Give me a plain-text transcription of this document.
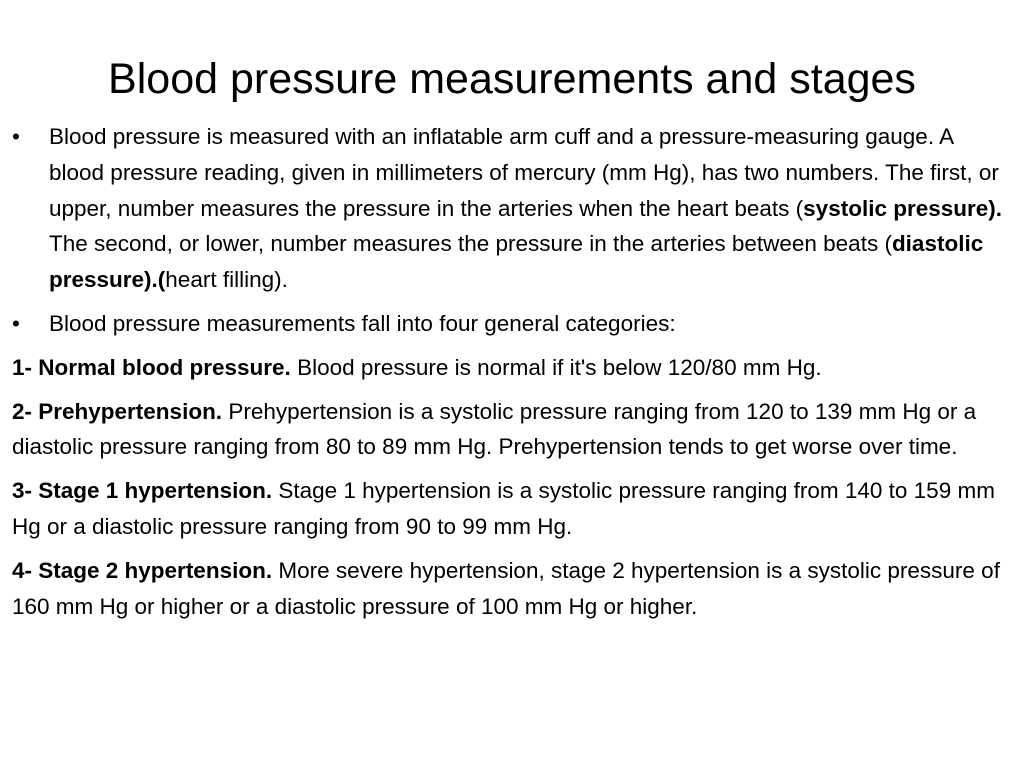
Blood pressure measurements and stages
•	Blood pressure is measured with an inflatable arm cuff and a pressure-measuring gauge. A blood pressure reading, given in millimeters of mercury (mm Hg), has two numbers. The first, or upper, number measures the pressure in the arteries when the heart beats (systolic pressure). The second, or lower, number measures the pressure in the arteries between beats (diastolic pressure).(heart filling).
•	Blood pressure measurements fall into four general categories:

1- Normal blood pressure. Blood pressure is normal if it's below 120/80 mm Hg.

2- Prehypertension. Prehypertension is a systolic pressure ranging from 120 to 139 mm Hg or a diastolic pressure ranging from 80 to 89 mm Hg. Prehypertension tends to get worse over time.

3- Stage 1 hypertension. Stage 1 hypertension is a systolic pressure ranging from 140 to 159 mm Hg or a diastolic pressure ranging from 90 to 99 mm Hg.

4- Stage 2 hypertension. More severe hypertension, stage 2 hypertension is a systolic pressure of 160 mm Hg or higher or a diastolic pressure of 100 mm Hg or higher.
